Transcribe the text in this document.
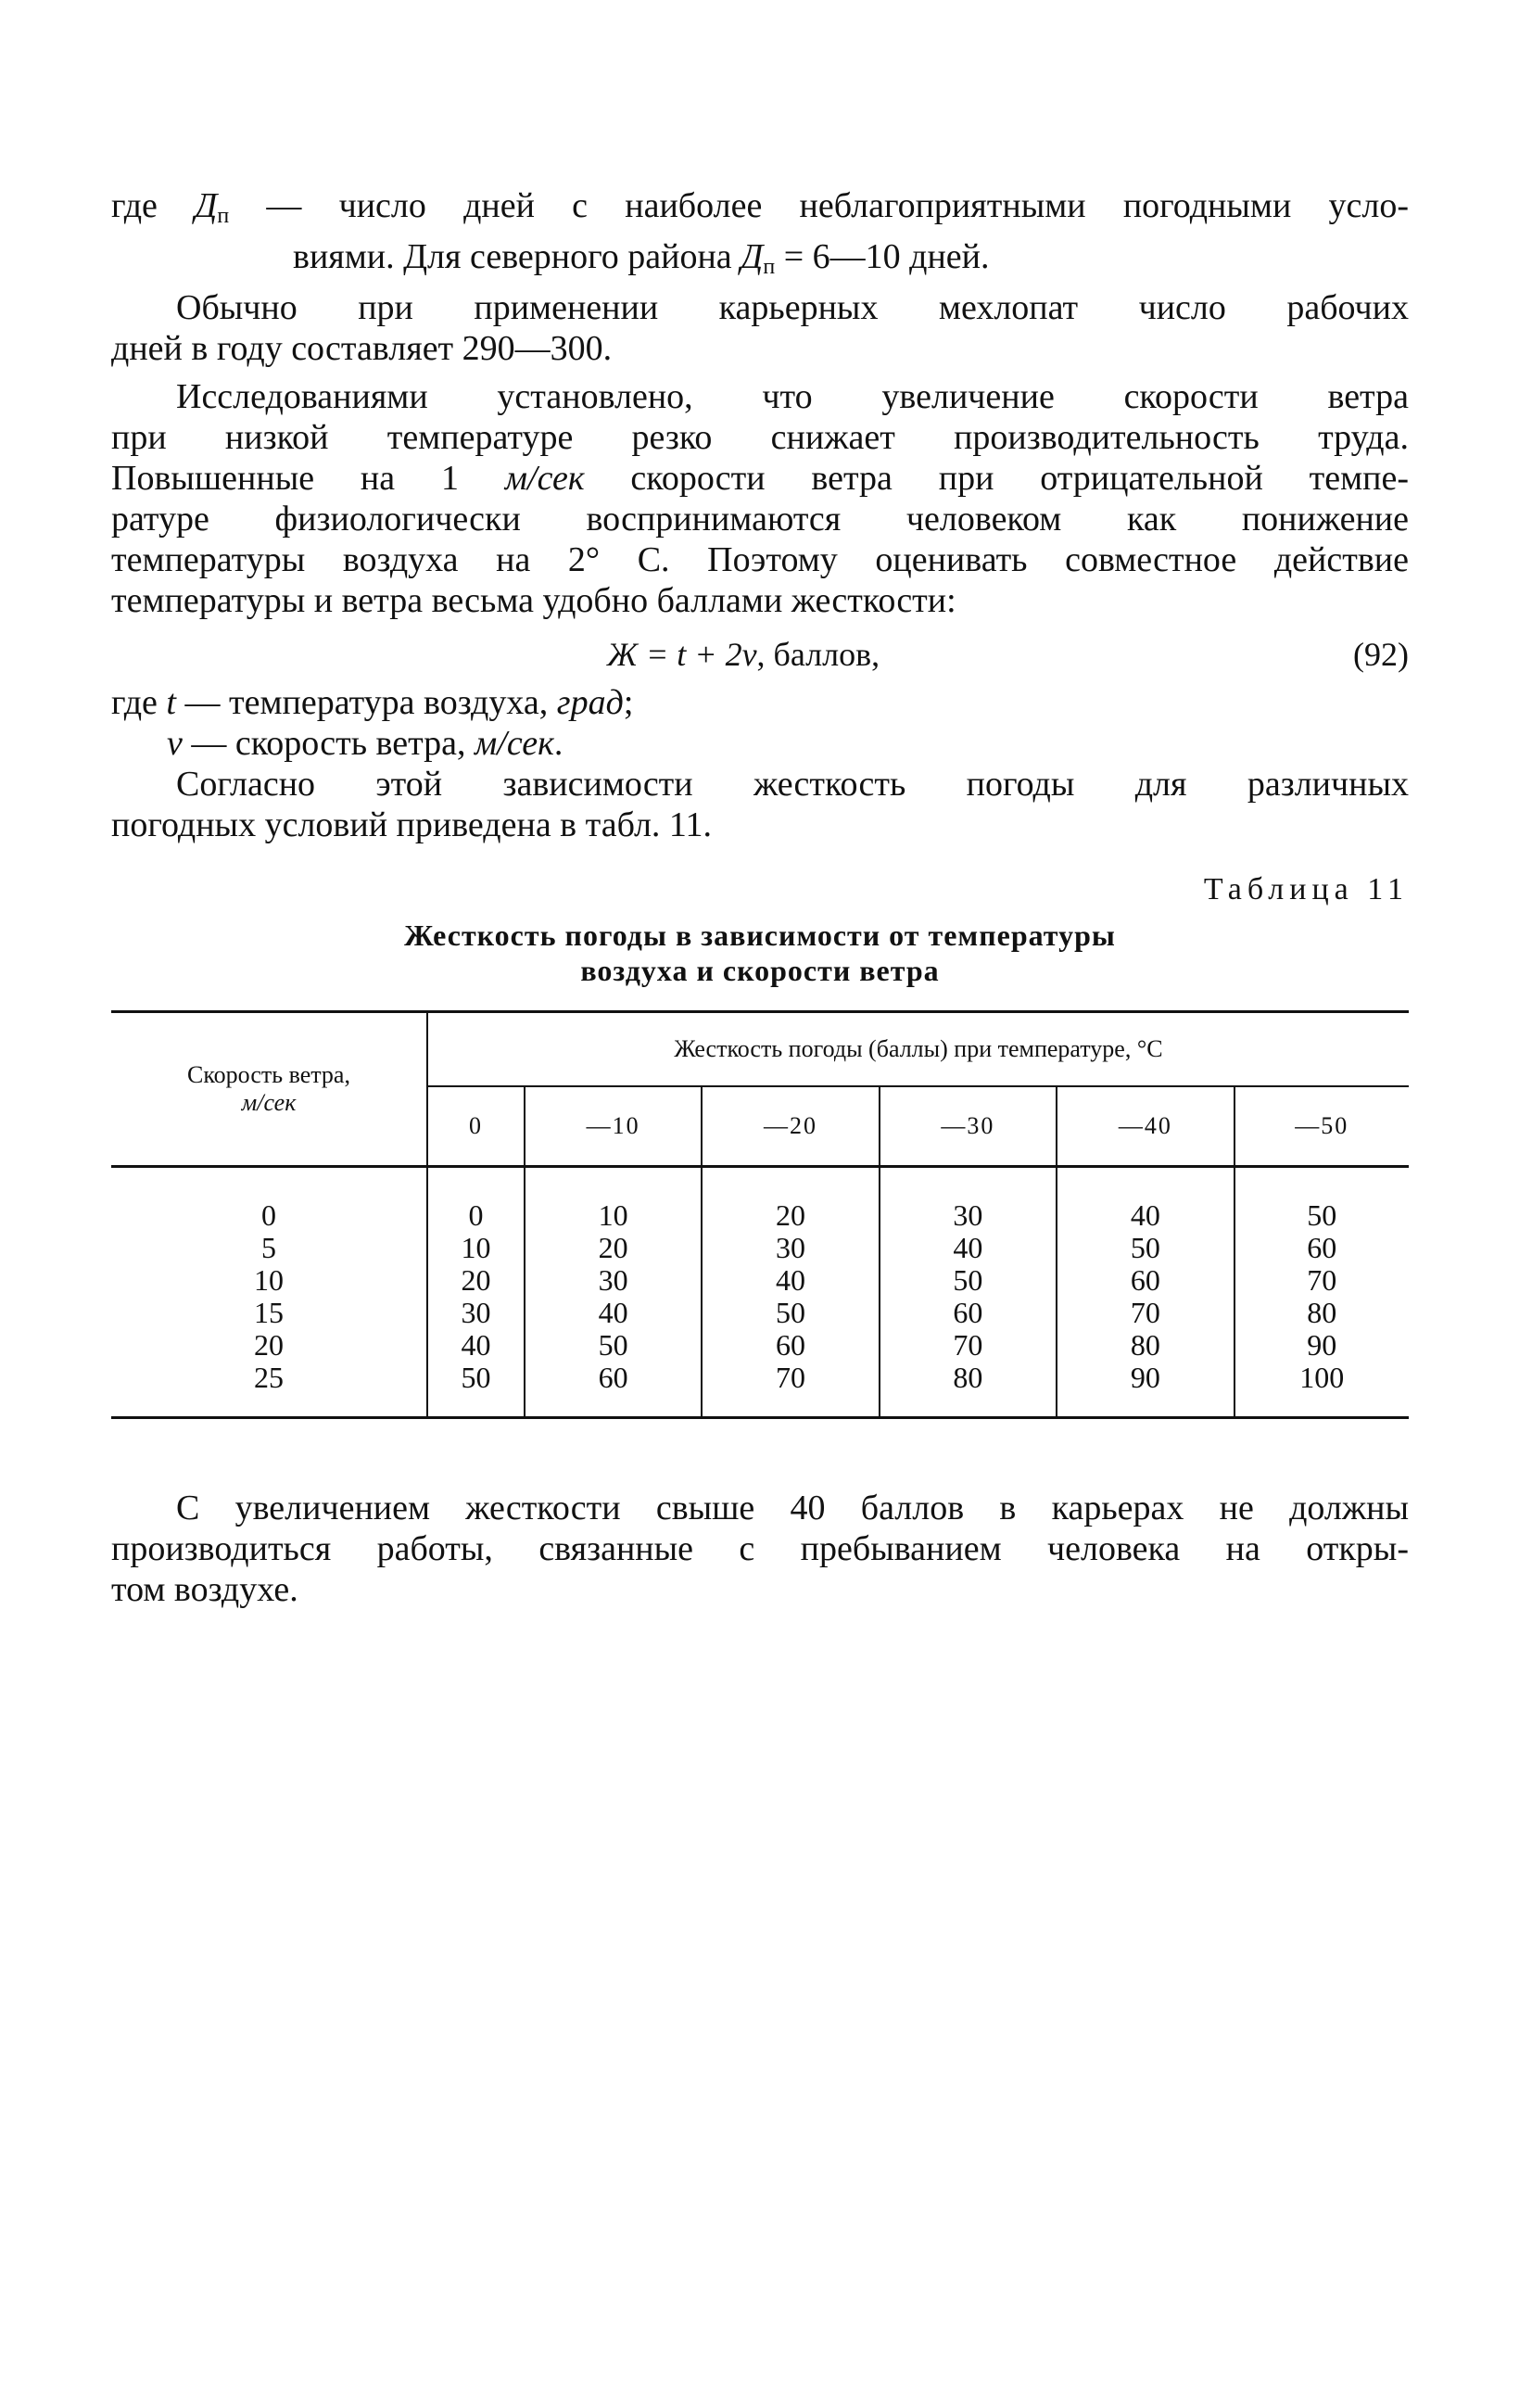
где $Д_п$ — число дней с наиболее неблагоприятными погодными усло-
виями. Для северного района $Д_п$ = 6—10 дней.
Обычно при применении карьерных мехлопат число рабочих
дней в году составляет 290—300.
Исследованиями установлено, что увеличение скорости ветра
при низкой температуре резко снижает производительность труда.
Повышенные на 1 м/сек скорости ветра при отрицательной темпе-
ратуре физиологически воспринимаются человеком как понижение
температуры воздуха на 2° С. Поэтому оценивать совместное действие
температуры и ветра весьма удобно баллами жесткости:
Ж = t + 2v, баллов,	(92)
где t — температура воздуха, град;
v — скорость ветра, м/сек.
Согласно этой зависимости жесткость погоды для различных
погодных условий приведена в табл. 11.
Таблица 11
Жесткость погоды в зависимости от температуры
воздуха и скорости ветра
Скорость ветра,
м/сек	Жесткость погоды (баллы) при температуре, °С					
	0	—10	—20	—30	—40	—50
0	0	10	20	30	40	50
5	10	20	30	40	50	60
10	20	30	40	50	60	70
15	30	40	50	60	70	80
20	40	50	60	70	80	90
25	50	60	70	80	90	100
С увеличением жесткости свыше 40 баллов в карьерах не должны
производиться работы, связанные с пребыванием человека на откры-
том воздухе.
